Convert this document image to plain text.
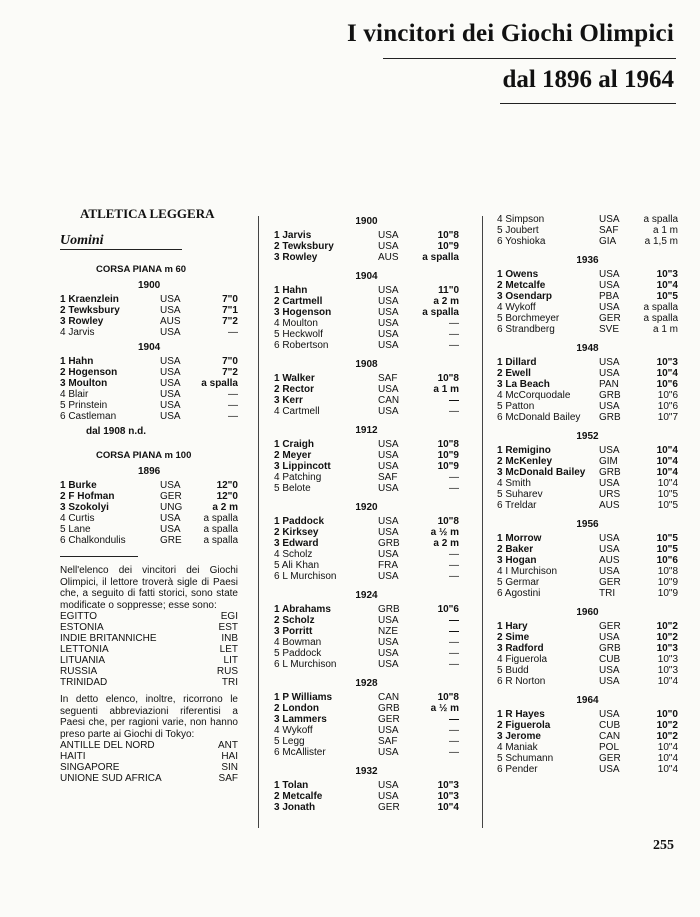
I vincitori dei Giochi Olimpici
dal 1896 al 1964
ATLETICA LEGGERA
Uomini
CORSA PIANA m 60
1900
1 Kraenzlein	USA	7"0
2 Tewksbury	USA	7"1
3 Rowley	AUS	7"2
4 Jarvis	USA	—
1904
1 Hahn	USA	7"0
2 Hogenson	USA	7"2
3 Moulton	USA	a spalla
4 Blair	USA	—
5 Prinstein	USA	—
6 Castleman	USA	—
dal 1908 n.d.
CORSA PIANA m 100
1896
1 Burke	USA	12"0
2 F Hofman	GER	12"0
3 Szokolyi	UNG	a 2 m
4 Curtis	USA	a spalla
5 Lane	USA	a spalla
6 Chalkondulis	GRE	a spalla
Nell'elenco dei vincitori dei Giochi Olimpici, il lettore troverà sigle di Paesi che, a seguito di fatti storici, sono state modificate o soppresse; esse sono:
EGITTO	EGI
ESTONIA	EST
INDIE BRITANNICHE	INB
LETTONIA	LET
LITUANIA	LIT
RUSSIA	RUS
TRINIDAD	TRI
In detto elenco, inoltre, ricorrono le seguenti abbreviazioni riferentisi a Paesi che, per ragioni varie, non hanno preso parte ai Giochi di Tokyo:
ANTILLE DEL NORD	ANT
HAITI	HAI
SINGAPORE	SIN
UNIONE SUD AFRICA	SAF
1900
1 Jarvis	USA	10"8
2 Tewksbury	USA	10"9
3 Rowley	AUS	a spalla
1904
1 Hahn	USA	11"0
2 Cartmell	USA	a 2 m
3 Hogenson	USA	a spalla
4 Moulton	USA	—
5 Heckwolf	USA	—
6 Robertson	USA	—
1908
1 Walker	SAF	10"8
2 Rector	USA	a 1 m
3 Kerr	CAN	—
4 Cartmell	USA	—
1912
1 Craigh	USA	10"8
2 Meyer	USA	10"9
3 Lippincott	USA	10"9
4 Patching	SAF	—
5 Belote	USA	—
1920
1 Paddock	USA	10"8
2 Kirksey	USA	a ½ m
3 Edward	GRB	a 2 m
4 Scholz	USA	—
5 Ali Khan	FRA	—
6 L Murchison	USA	—
1924
1 Abrahams	GRB	10"6
2 Scholz	USA	—
3 Porritt	NZE	—
4 Bowman	USA	—
5 Paddock	USA	—
6 L Murchison	USA	—
1928
1 P Williams	CAN	10"8
2 London	GRB	a ½ m
3 Lammers	GER	—
4 Wykoff	USA	—
5 Legg	SAF	—
6 McAllister	USA	—
1932
1 Tolan	USA	10"3
2 Metcalfe	USA	10"3
3 Jonath	GER	10"4
4 Simpson	USA	a spalla
5 Joubert	SAF	a 1 m
6 Yoshioka	GIA	a 1,5 m
1936
1 Owens	USA	10"3
2 Metcalfe	USA	10"4
3 Osendarp	PBA	10"5
4 Wykoff	USA	a spalla
5 Borchmeyer	GER	a spalla
6 Strandberg	SVE	a 1 m
1948
1 Dillard	USA	10"3
2 Ewell	USA	10"4
3 La Beach	PAN	10"6
4 McCorquodale	GRB	10"6
5 Patton	USA	10"6
6 McDonald Bailey	GRB	10"7
1952
1 Remigino	USA	10"4
2 McKenley	GIM	10"4
3 McDonald Bailey	GRB	10"4
4 Smith	USA	10"4
5 Suharev	URS	10"5
6 Treldar	AUS	10"5
1956
1 Morrow	USA	10"5
2 Baker	USA	10"5
3 Hogan	AUS	10"6
4 I Murchison	USA	10"8
5 Germar	GER	10"9
6 Agostini	TRI	10"9
1960
1 Hary	GER	10"2
2 Sime	USA	10"2
3 Radford	GRB	10"3
4 Figuerola	CUB	10"3
5 Budd	USA	10"3
6 R Norton	USA	10"4
1964
1 R Hayes	USA	10"0
2 Figuerola	CUB	10"2
3 Jerome	CAN	10"2
4 Maniak	POL	10"4
5 Schumann	GER	10"4
6 Pender	USA	10"4
255
